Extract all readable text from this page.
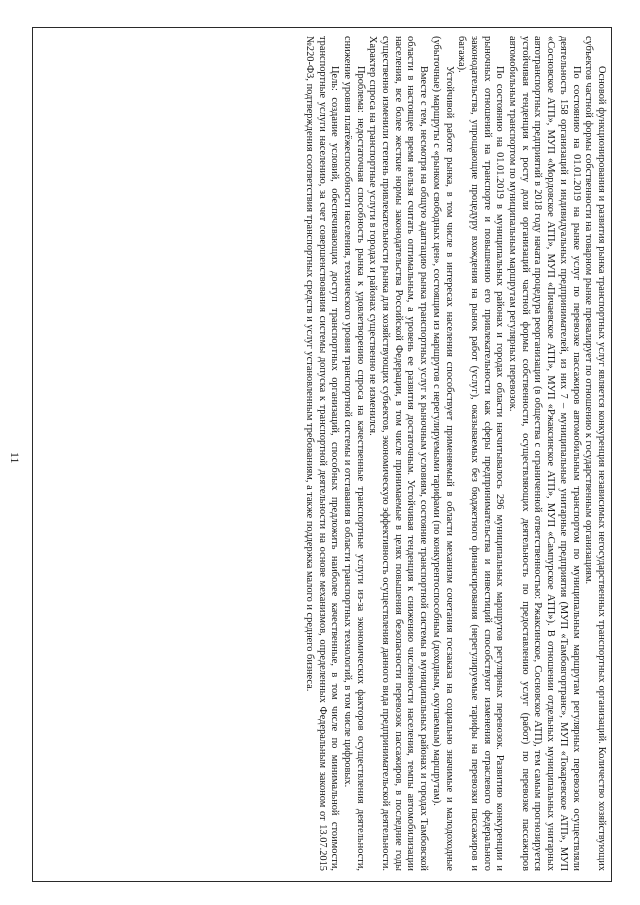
11	Основой функционирования и развития рынка транспортных услуг является конкуренция независимых негосударственных транспортных организаций. Количество хозяйствующих субъектов частной формы собственности на товарном рынке превалирует по отношению к государственным организациям.

По состоянию на 01.01.2019 на рынке услуг по перевозке пассажиров автомобильным транспортом по муниципальным маршрутам регулярных перевозок осуществляли деятельность 158 организаций и индивидуальных предпринимателей, из них 7 – муниципальные унитарные предприятия (МУП «Тамбовгортранс», МУП «Токаревское АТП», МУП «Сосновское АТП», МУП «Мордовское АТП», МУП «Пичаевское АТП», МУП «Ржаксинское АТП», МУП «Сампурское АТП»). В отношении отдельных муниципальных унитарных автотранспортных предприятий в 2018 году начата процедура реорганизации (в общества с ограниченной ответственностью: Ржаксинское, Сосновское АТП), тем самым прогнозируется устойчивая тенденция к росту доли организаций частной формы собственности, осуществляющих деятельность по предоставлению услуг (работ) по перевозке пассажиров автомобильным транспортом по муниципальным маршрутам регулярных перевозок.

По состоянию на 01.01.2019 в муниципальных районах и городах области насчитывалось 296 муниципальных маршрутов регулярных перевозок. Развитию конкуренции и рыночных отношений на транспорте и повышению его привлекательности как сферы предпринимательства и инвестиций способствуют изменения отраслевого федерального законодательства, упрощающие процедуру вхождения на рынок работ (услуг), оказываемых без бюджетного финансирования (нерегулируемые тарифы на перевозки пассажиров и багажа).

Устойчивой работе рынка, в том числе в интересах населения способствует применяемый в области механизм сочетания госзаказа на социально значимые и малодоходные (убыточные) маршруты с «рынком свободных цен», состоящим из маршрутов с нерегулируемыми тарифами (по конкурентоспособным (доходным, окупаемым) маршрутам).

Вместе с тем, несмотря на общую адаптацию рынка транспортных услуг к рыночным условиям, состояние транспортной системы в муниципальных районах и городах Тамбовской области в настоящее время нельзя считать оптимальным, а уровень ее развития достаточным. Устойчивая тенденция к снижению численности населения, темпы автомобилизации населения, все более жесткие нормы законодательства Российской Федерации, в том числе принимаемые в целях повышения безопасности перевозок пассажиров, в последние годы существенно изменили степень привлекательности рынка для хозяйствующих субъектов, экономическую эффективность осуществления данного вида предпринимательской деятельности. Характер спроса на транспортные услуги в городах и районах существенно не изменился.

Проблема: недостаточная способность рынка к удовлетворению спроса на качественные транспортные услуги из-за экономических факторов осуществления деятельности, снижение уровня платёжеспособности населения, технического уровня транспортной системы и отставания в области транспортных технологий, в том числе цифровых.

Цель: создание условий, обеспечивающих доступ транспортных организаций, способных предложить наиболее качественные, в том числе по минимальной стоимости, транспортные услуги населению, за счет совершенствования системы допуска к транспортной деятельности на основе механизмов, определенных Федеральным законом от 13.07.2015 №220-ФЗ, подтверждения соответствия транспортных средств и услуг установленным требованиям, а также поддержка малого и среднего бизнеса.
